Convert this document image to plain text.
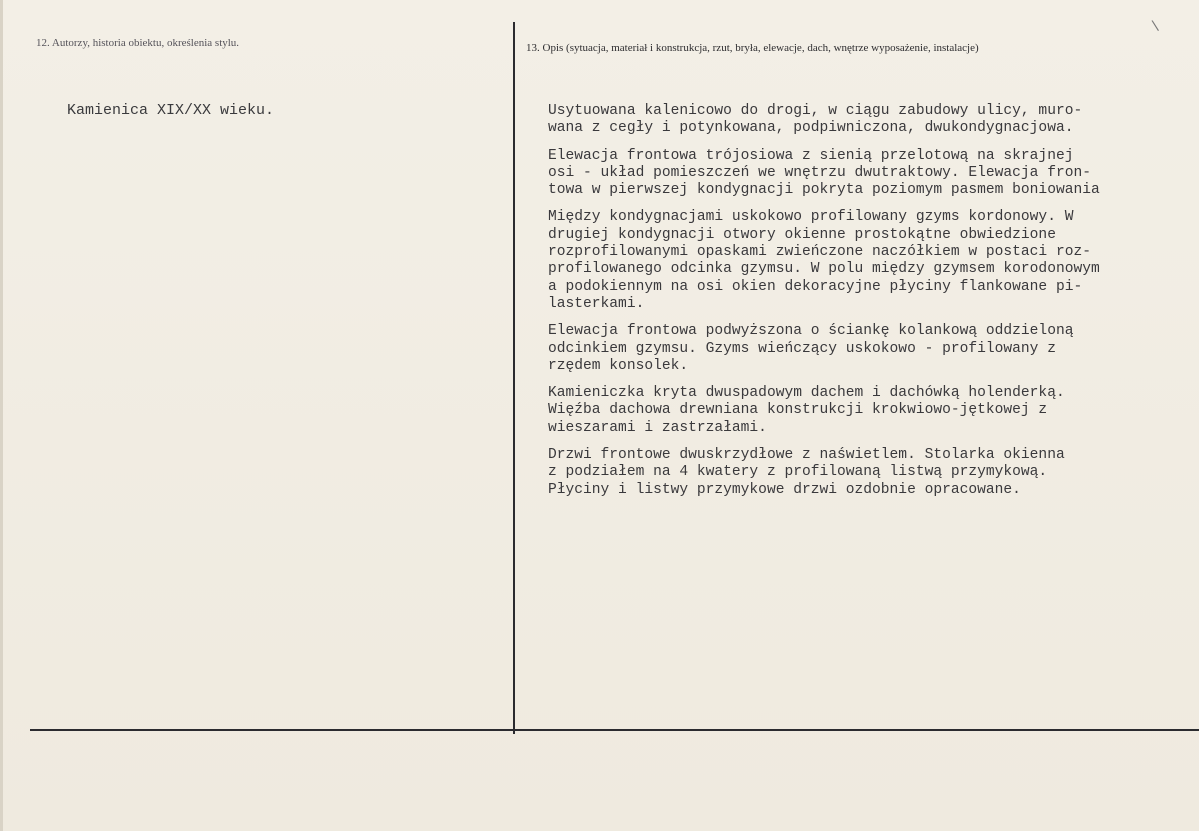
12. Autorzy, historia obiektu, określenia stylu.	13. Opis (sytuacja, materiał i konstrukcja, rzut, bryła, elewacje, dach, wnętrze wyposażenie, instalacje)
\
Kamienica XIX/XX wieku.	Usytuowana kalenicowo do drogi, w ciągu zabudowy ulicy, muro-
wana z cegły i potynkowana, podpiwniczona, dwukondygnacjowa.
Elewacja frontowa trójosiowa z sienią przelotową na skrajnej
osi - układ pomieszczeń we wnętrzu dwutraktowy. Elewacja fron-
towa w pierwszej kondygnacji pokryta poziomym pasmem boniowania
Między kondygnacjami uskokowo profilowany gzyms kordonowy. W
drugiej kondygnacji otwory okienne prostokątne obwiedzione
rozprofilowanymi opaskami zwieńczone naczółkiem w postaci roz-
profilowanego odcinka gzymsu. W polu między gzymsem korodonowym
a podokiennym na osi okien dekoracyjne płyciny flankowane pi-
lasterkami.
Elewacja frontowa podwyższona o ściankę kolankową oddzieloną
odcinkiem gzymsu. Gzyms wieńczący uskokowo - profilowany z
rzędem konsolek.
Kamieniczka kryta dwuspadowym dachem i dachówką holenderką.
Więźba dachowa drewniana konstrukcji krokwiowo-jętkowej z
wieszarami i zastrzałami.
Drzwi frontowe dwuskrzydłowe z naświetlem. Stolarka okienna
z podziałem na 4 kwatery z profilowaną listwą przymykową.
Płyciny i listwy przymykowe drzwi ozdobnie opracowane.
